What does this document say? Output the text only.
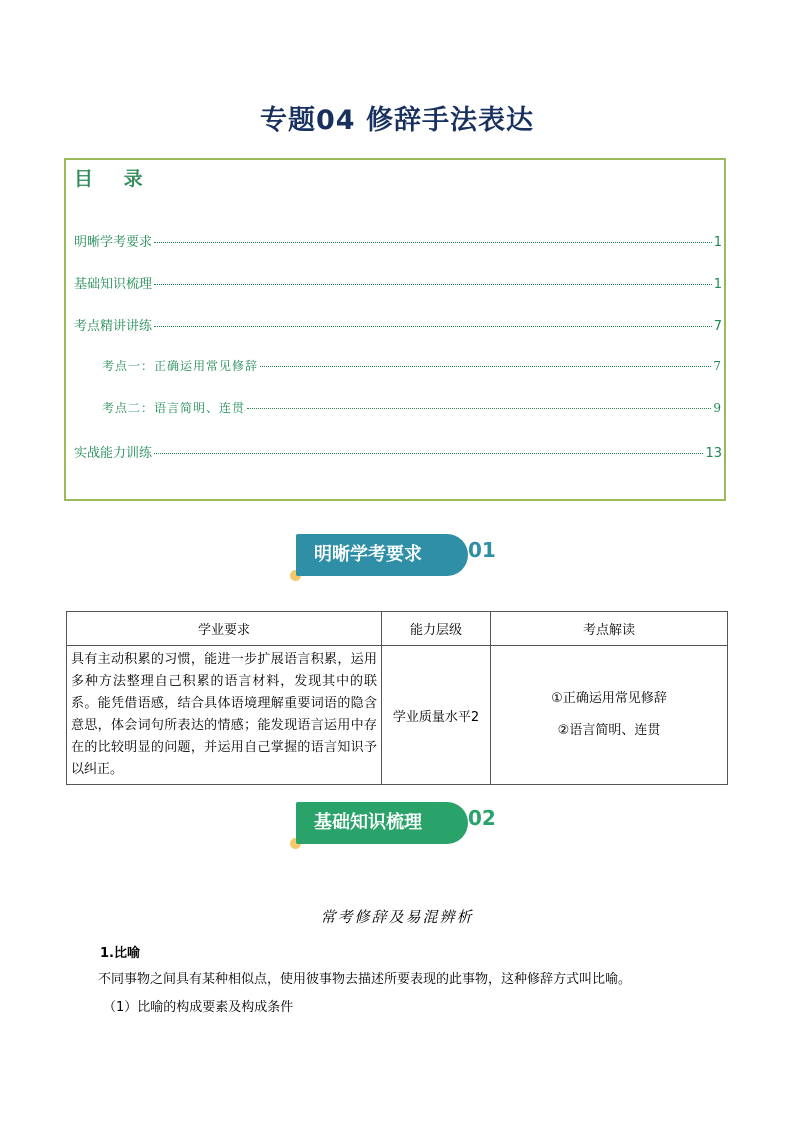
专题04 修辞手法表达
目 录
明晰学考要求	1
基础知识梳理	1
考点精讲讲练	7
考点一：正确运用常见修辞	7
考点二：语言简明、连贯	9
实战能力训练	13
明晰学考要求	01
学业要求	能力层级	考点解读
具有主动积累的习惯，能进一步扩展语言积累，运用多种方法整理自己积累的语言材料，发现其中的联系。能凭借语感，结合具体语境理解重要词语的隐含意思，体会词句所表达的情感；能发现语言运用中存在的比较明显的问题，并运用自己掌握的语言知识予以纠正。	学业质量水平2	①正确运用常见修辞
②语言简明、连贯
基础知识梳理	02
常考修辞及易混辨析
1.比喻
不同事物之间具有某种相似点，使用彼事物去描述所要表现的此事物，这种修辞方式叫比喻。
（1）比喻的构成要素及构成条件
